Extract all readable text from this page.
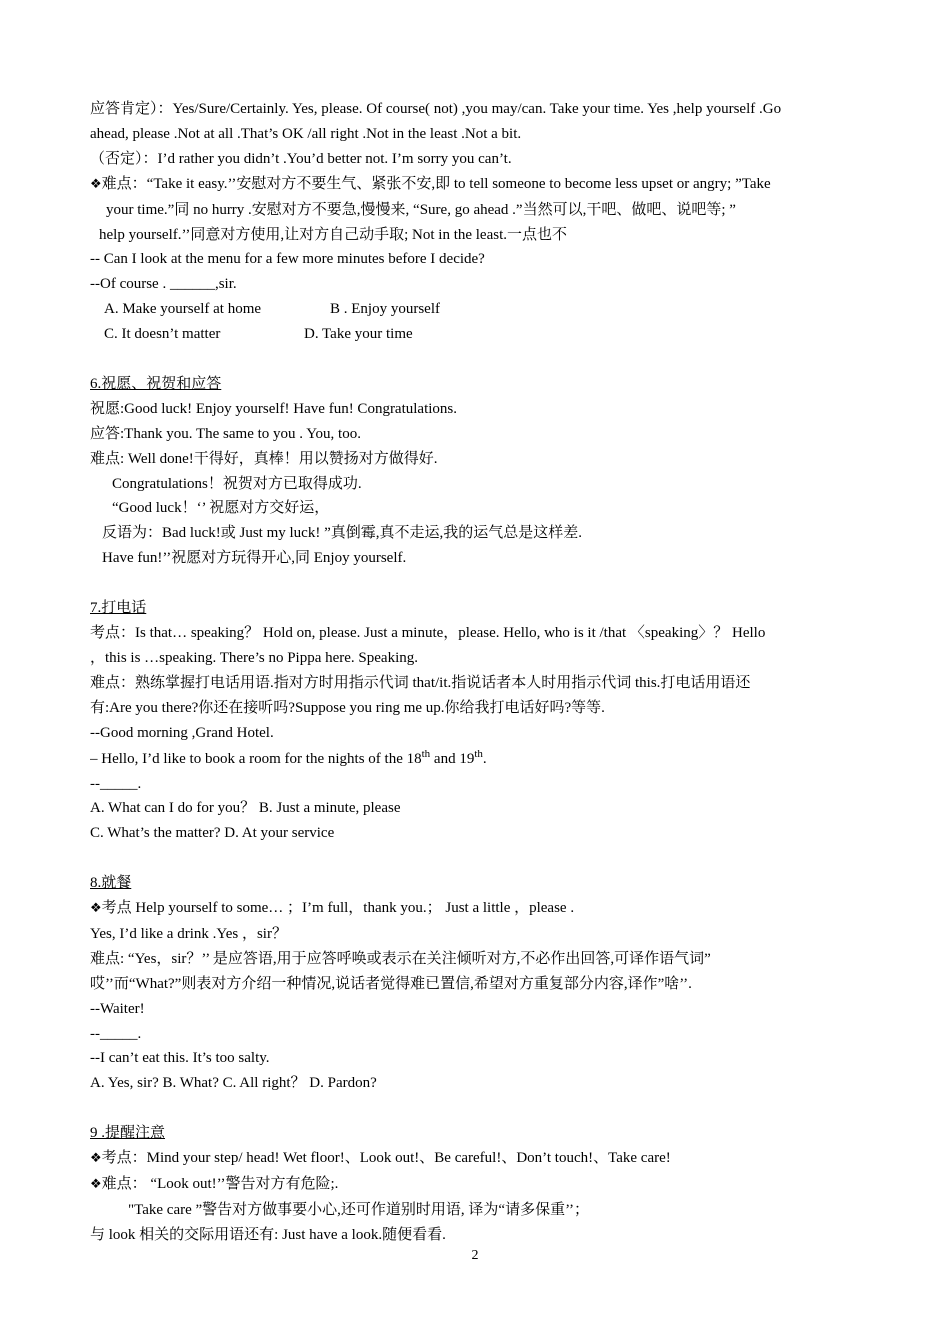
应答肯定）：Yes/Sure/Certainly. Yes, please. Of course( not) ,you may/can. Take your time. Yes ,help yourself .Go
ahead, please .Not at all .That’s OK /all right .Not in the least .Not a bit.
（否定）：I’d rather you didn’t .You’d better not. I’m sorry you can’t.
❖难点：“Take it easy.’’安慰对方不要生气、紧张不安,即 to tell someone to become less upset or angry; ”Take
your time.”同 no hurry .安慰对方不要急,慢慢来, “Sure, go ahead .”当然可以,干吧、做吧、说吧等; ”
help yourself.’’同意对方使用,让对方自己动手取; Not in the least.一点也不
-- Can I look at the menu for a few more minutes before I decide?
--Of course . ______,sir.
A. Make yourself at home	B . Enjoy yourself
C. It doesn’t matter	D. Take your time
6.祝愿、祝贺和应答
祝愿:Good luck! Enjoy yourself! Have fun! Congratulations.
应答:Thank you. The same to you . You, too.
难点: Well done!干得好，真棒！用以赞扬对方做得好.
Congratulations！祝贺对方已取得成功.
“Good luck！‘’ 祝愿对方交好运，
反语为：Bad luck!或 Just my luck! ”真倒霉,真不走运,我的运气总是这样差.
Have fun!’’祝愿对方玩得开心,同 Enjoy yourself.
7.打电话
考点：Is that… speaking？ Hold on, please. Just a minute，please. Hello, who is it /that 〈speaking〉？ Hello
，this is …speaking. There’s no Pippa here. Speaking.
难点：熟练掌握打电话用语.指对方时用指示代词 that/it.指说话者本人时用指示代词 this.打电话用语还
有:Are you there?你还在接听吗?Suppose you ring me up.你给我打电话好吗?等等.
--Good morning ,Grand Hotel.
– Hello, I’d like to book a room for the nights of the 18th and 19th.
--_____.
A. What can I do for you？ B. Just a minute, please
C. What’s the matter? D. At your service
8.就餐
❖考点 Help yourself to some… ；I’m full，thank you.； Just a little ，please .
Yes, I’d like a drink .Yes ，sir？
难点: “Yes，sir？’’ 是应答语,用于应答呼唤或表示在关注倾听对方,不必作出回答,可译作语气词”
哎’’而“What?”则表对方介绍一种情况,说话者觉得难已置信,希望对方重复部分内容,译作”啥’’.
--Waiter!
--_____.
--I can’t eat this. It’s too salty.
A. Yes, sir? B. What? C. All right？ D. Pardon?
9 .提醒注意
❖考点：Mind your step/ head! Wet floor!、Look out!、Be careful!、Don’t touch!、Take care!
❖难点： “Look out!’’警告对方有危险;.
"Take care ”警告对方做事要小心,还可作道别时用语, 译为“请多保重’’；
与 look 相关的交际用语还有: Just have a look.随便看看.
2
